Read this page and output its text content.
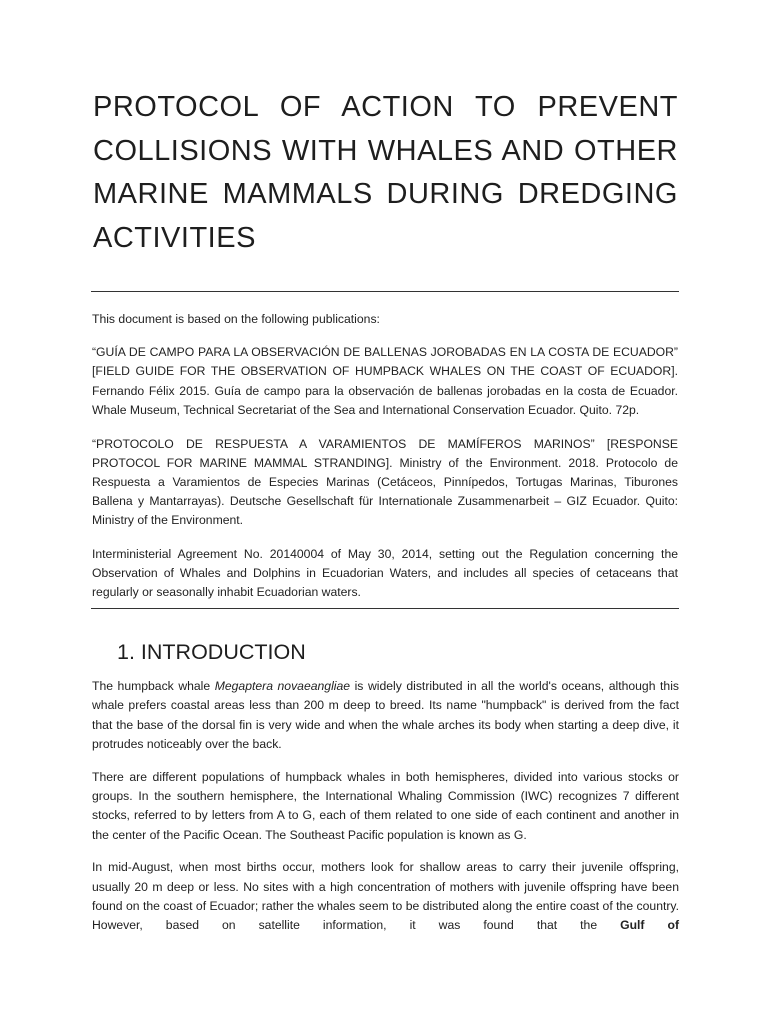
PROTOCOL OF ACTION TO PREVENT COLLISIONS WITH WHALES AND OTHER MARINE MAMMALS DURING DREDGING ACTIVITIES

This document is based on the following publications:

“GUÍA DE CAMPO PARA LA OBSERVACIÓN DE BALLENAS JOROBADAS EN LA COSTA DE ECUADOR” [FIELD GUIDE FOR THE OBSERVATION OF HUMPBACK WHALES ON THE COAST OF ECUADOR]. Fernando Félix 2015. Guía de campo para la observación de ballenas jorobadas en la costa de Ecuador. Whale Museum, Technical Secretariat of the Sea and International Conservation Ecuador. Quito. 72p.

“PROTOCOLO DE RESPUESTA A VARAMIENTOS DE MAMÍFEROS MARINOS” [RESPONSE PROTOCOL FOR MARINE MAMMAL STRANDING]. Ministry of the Environment. 2018. Protocolo de Respuesta a Varamientos de Especies Marinas (Cetáceos, Pinnípedos, Tortugas Marinas, Tiburones Ballena y Mantarrayas). Deutsche Gesellschaft für Internationale Zusammenarbeit – GIZ Ecuador. Quito: Ministry of the Environment.

Interministerial Agreement No. 20140004 of May 30, 2014, setting out the Regulation concerning the Observation of Whales and Dolphins in Ecuadorian Waters, and includes all species of cetaceans that regularly or seasonally inhabit Ecuadorian waters.

1. INTRODUCTION

The humpback whale Megaptera novaeangliae is widely distributed in all the world's oceans, although this whale prefers coastal areas less than 200 m deep to breed. Its name "humpback" is derived from the fact that the base of the dorsal fin is very wide and when the whale arches its body when starting a deep dive, it protrudes noticeably over the back.

There are different populations of humpback whales in both hemispheres, divided into various stocks or groups. In the southern hemisphere, the International Whaling Commission (IWC) recognizes 7 different stocks, referred to by letters from A to G, each of them related to one side of each continent and another in the center of the Pacific Ocean. The Southeast Pacific population is known as G.

In mid-August, when most births occur, mothers look for shallow areas to carry their juvenile offspring, usually 20 m deep or less. No sites with a high concentration of mothers with juvenile offspring have been found on the coast of Ecuador; rather the whales seem to be distributed along the entire coast of the country. However, based on satellite information, it was found that the Gulf of
